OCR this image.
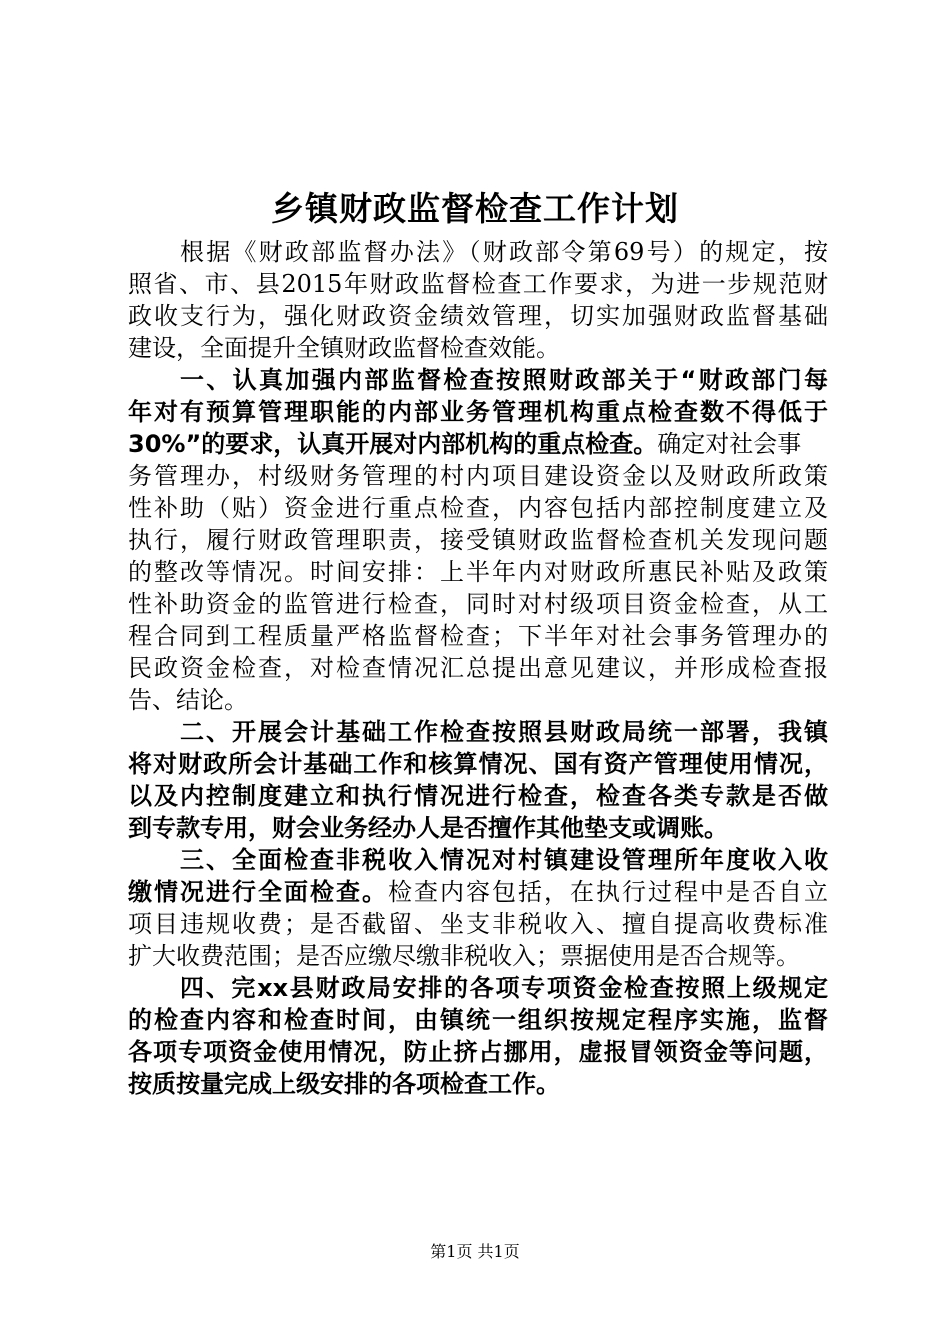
乡镇财政监督检查工作计划
根据《财政部监督办法》（财政部令第69号）的规定，按
照省、市、县2015年财政监督检查工作要求，为进一步规范财
政收支行为，强化财政资金绩效管理，切实加强财政监督基础
建设，全面提升全镇财政监督检查效能。
一、认真加强内部监督检查按照财政部关于“财政部门每
年对有预算管理职能的内部业务管理机构重点检查数不得低于
30%”的要求，认真开展对内部机构的重点检查。确定对社会事
务管理办，村级财务管理的村内项目建设资金以及财政所政策
性补助（贴）资金进行重点检查，内容包括内部控制度建立及
执行，履行财政管理职责，接受镇财政监督检查机关发现问题
的整改等情况。时间安排：上半年内对财政所惠民补贴及政策
性补助资金的监管进行检查，同时对村级项目资金检查，从工
程合同到工程质量严格监督检查；下半年对社会事务管理办的
民政资金检查，对检查情况汇总提出意见建议，并形成检查报
告、结论。
二、开展会计基础工作检查按照县财政局统一部署，我镇
将对财政所会计基础工作和核算情况、国有资产管理使用情况，
以及内控制度建立和执行情况进行检查，检查各类专款是否做
到专款专用，财会业务经办人是否擅作其他垫支或调账。
三、全面检查非税收入情况对村镇建设管理所年度收入收
缴情况进行全面检查。检查内容包括，在执行过程中是否自立
项目违规收费；是否截留、坐支非税收入、擅自提高收费标准
扩大收费范围；是否应缴尽缴非税收入；票据使用是否合规等。
四、完xx县财政局安排的各项专项资金检查按照上级规定
的检查内容和检查时间，由镇统一组织按规定程序实施，监督
各项专项资金使用情况，防止挤占挪用，虚报冒领资金等问题，
按质按量完成上级安排的各项检查工作。
第1页 共1页
